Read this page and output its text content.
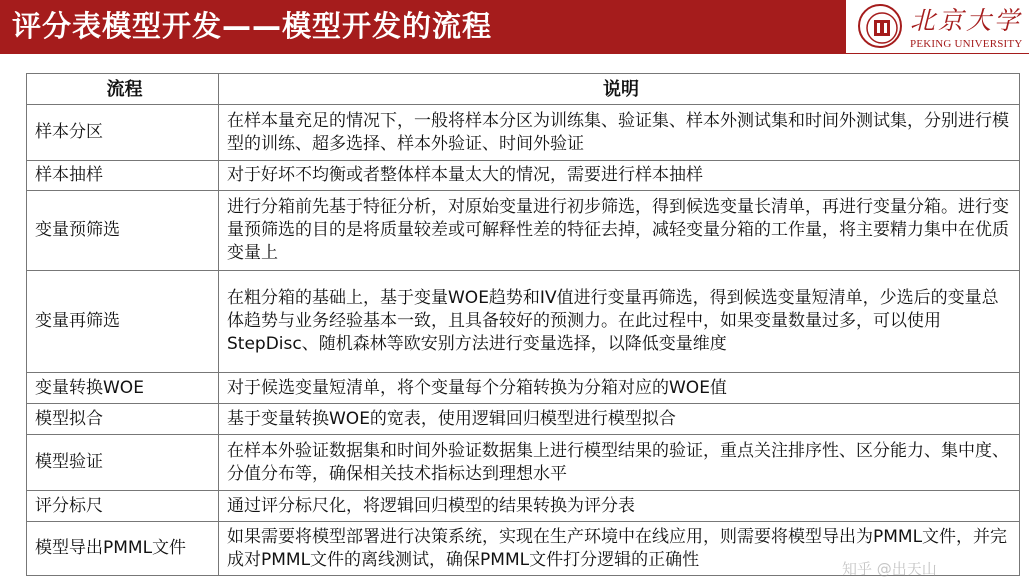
评分表模型开发——模型开发的流程	北京大学
PEKING UNIVERSITY
流程	说明
样本分区	在样本量充足的情况下，一般将样本分区为训练集、验证集、样本外测试集和时间外测试集，分别进行模型的训练、超多选择、样本外验证、时间外验证
样本抽样	对于好坏不均衡或者整体样本量太大的情况，需要进行样本抽样
变量预筛选	进行分箱前先基于特征分析，对原始变量进行初步筛选，得到候选变量长清单，再进行变量分箱。进行变量预筛选的目的是将质量较差或可解释性差的特征去掉，减轻变量分箱的工作量，将主要精力集中在优质变量上
变量再筛选	在粗分箱的基础上，基于变量WOE趋势和IV值进行变量再筛选，得到候选变量短清单，少选后的变量总体趋势与业务经验基本一致，且具备较好的预测力。在此过程中，如果变量数量过多，可以使用StepDisc、随机森林等欧安别方法进行变量选择，以降低变量维度
变量转换WOE	对于候选变量短清单，将个变量每个分箱转换为分箱对应的WOE值
模型拟合	基于变量转换WOE的宽表，使用逻辑回归模型进行模型拟合
模型验证	在样本外验证数据集和时间外验证数据集上进行模型结果的验证，重点关注排序性、区分能力、集中度、分值分布等，确保相关技术指标达到理想水平
评分标尺	通过评分标尺化，将逻辑回归模型的结果转换为评分表
模型导出PMML文件	如果需要将模型部署进行决策系统，实现在生产环境中在线应用，则需要将模型导出为PMML文件，并完成对PMML文件的离线测试，确保PMML文件打分逻辑的正确性	知乎 @出天山
